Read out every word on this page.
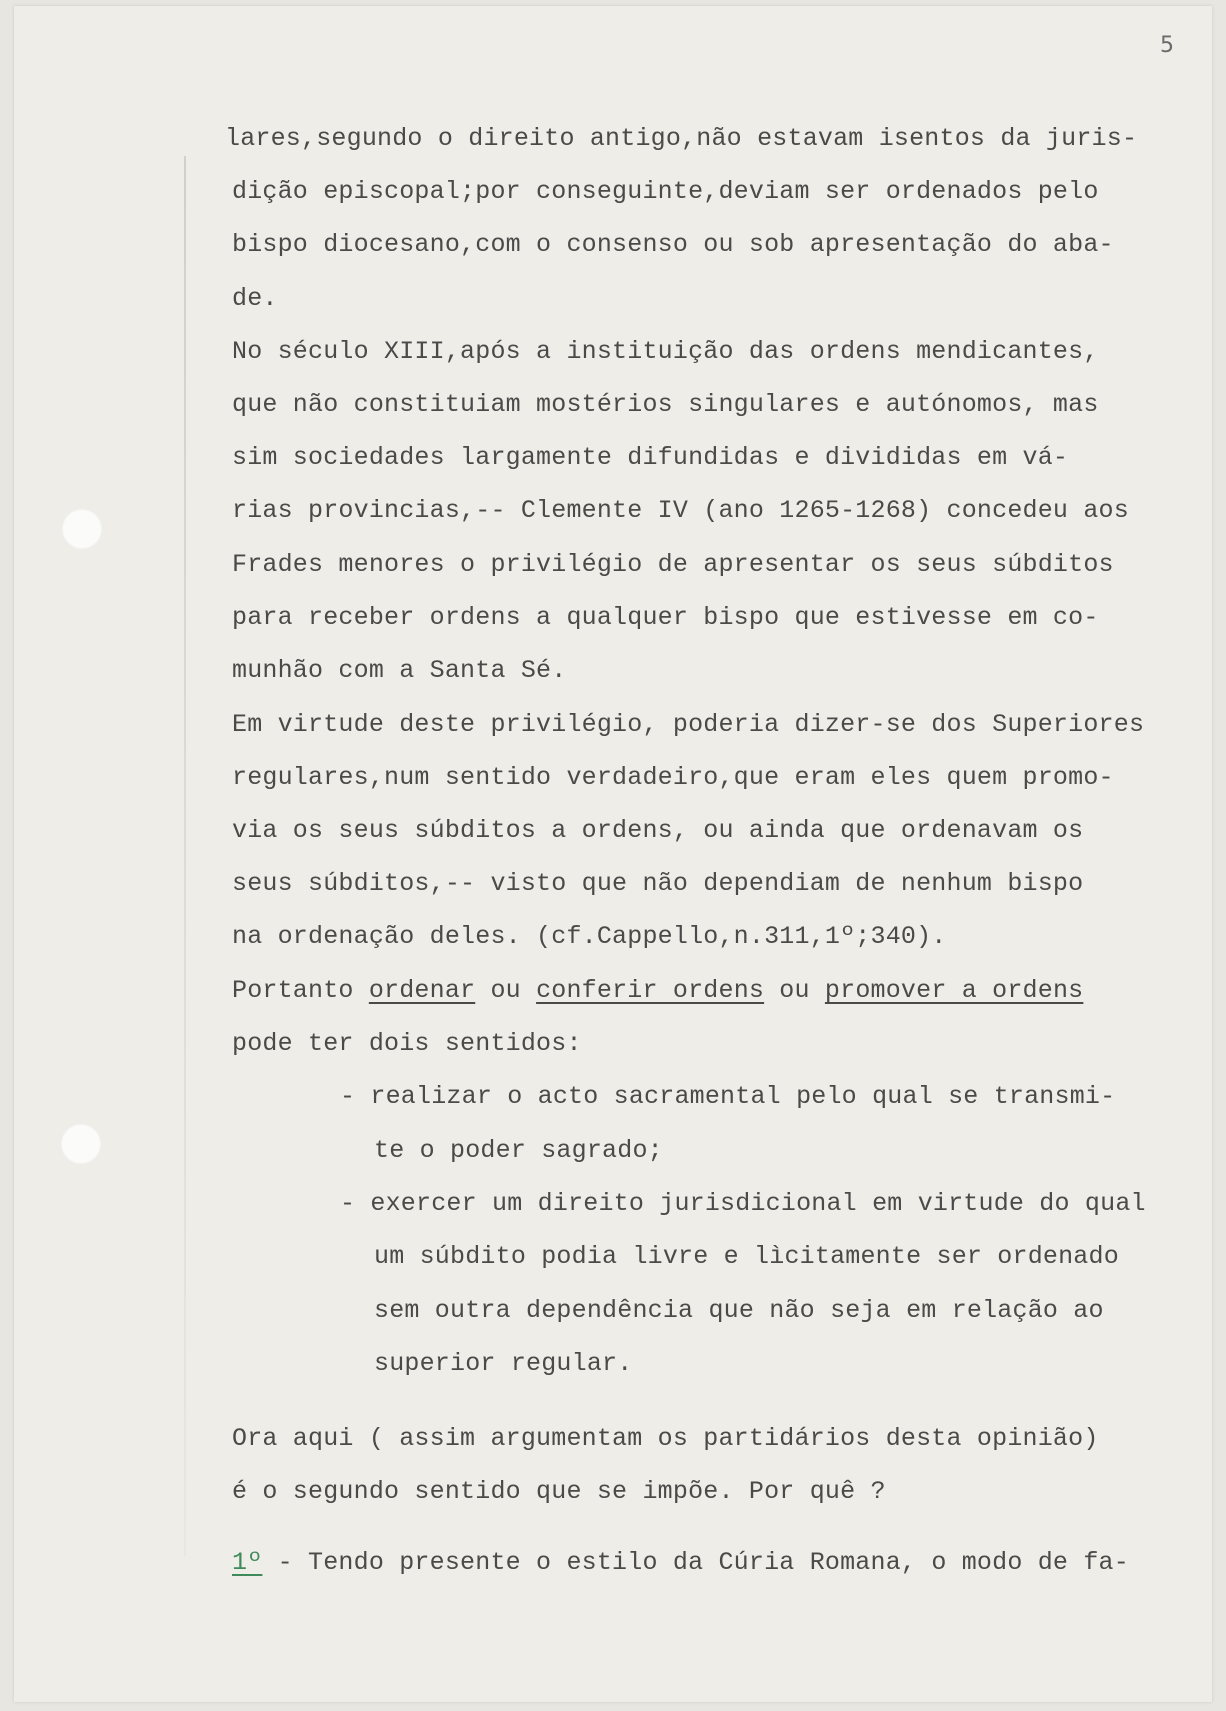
5
lares,segundo o direito antigo,não estavam isentos da juris-
dição episcopal;por conseguinte,deviam ser ordenados pelo
bispo diocesano,com o consenso ou sob apresentação do aba-
de.
No século XIII,após a instituição das ordens mendicantes,
que não constituiam mostérios singulares e autónomos, mas
sim sociedades largamente difundidas e divididas em vá-
rias provincias,-- Clemente IV (ano 1265-1268) concedeu aos
Frades menores o privilégio de apresentar os seus súbditos
para receber ordens a qualquer bispo que estivesse em co-
munhão com a Santa Sé.
Em virtude deste privilégio, poderia dizer-se dos Superiores
regulares,num sentido verdadeiro,que eram eles quem promo-
via os seus súbditos a ordens, ou ainda que ordenavam os
seus súbditos,-- visto que não dependiam de nenhum bispo
na ordenação deles. (cf.Cappello,n.311,1º;340).
Portanto ordenar ou conferir ordens ou promover a ordens
pode ter dois sentidos:
- realizar o acto sacramental pelo qual se transmi-
te o poder sagrado;
- exercer um direito jurisdicional em virtude do qual
um súbdito podia livre e lìcitamente ser ordenado
sem outra dependência que não seja em relação ao
superior regular.
Ora aqui ( assim argumentam os partidários desta opinião)
é o segundo sentido que se impõe. Por quê ?
1º - Tendo presente o estilo da Cúria Romana, o modo de fa-
